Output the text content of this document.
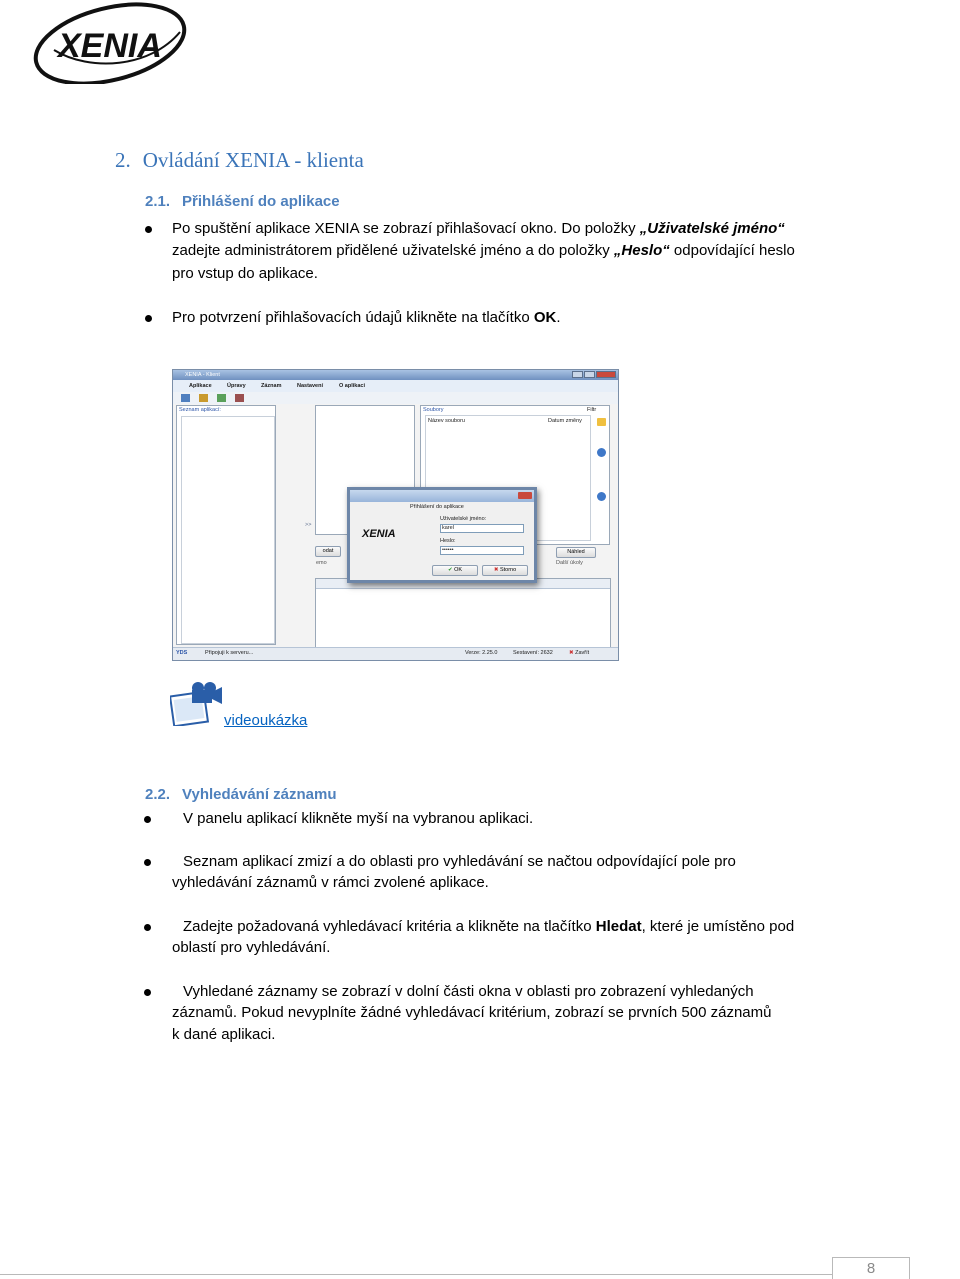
XENIA
2. Ovládání XENIA - klienta
2.1. Přihlášení do aplikace
Po spuštění aplikace XENIA se zobrazí přihlašovací okno. Do položky „Uživatelské jméno“
zadejte administrátorem přidělené uživatelské jméno a do položky „Heslo“ odpovídající heslo
pro vstup do aplikace.
Pro potvrzení přihlašovacích údajů klikněte na tlačítko OK.
XENIA - Klient
Aplikace	Úpravy	Záznam	Nastavení	O aplikaci
Seznam aplikací:
>>
odat
emo
Soubory	Filtr
Název souboru	Datum změny
Náhled
Další úkoly
Přihlášení do aplikace
XENIA
Uživatelské jméno:
karel
Heslo:
••••••
✔ OK	✖ Storno
YDS	Připojuji k serveru...	Verze: 2.25.0	Sestavení: 2632	✖ Zavřít
videoukázka
2.2. Vyhledávání záznamu
V panelu aplikací klikněte myší na vybranou aplikaci.
Seznam aplikací zmizí a do oblasti pro vyhledávání se načtou odpovídající pole pro
vyhledávání záznamů v rámci zvolené aplikace.
Zadejte požadovaná vyhledávací kritéria a klikněte na tlačítko Hledat, které je umístěno pod
oblastí pro vyhledávání.
Vyhledané záznamy se zobrazí v dolní části okna v oblasti pro zobrazení vyhledaných
záznamů. Pokud nevyplníte žádné vyhledávací kritérium, zobrazí se prvních 500 záznamů
k dané aplikaci.
8
